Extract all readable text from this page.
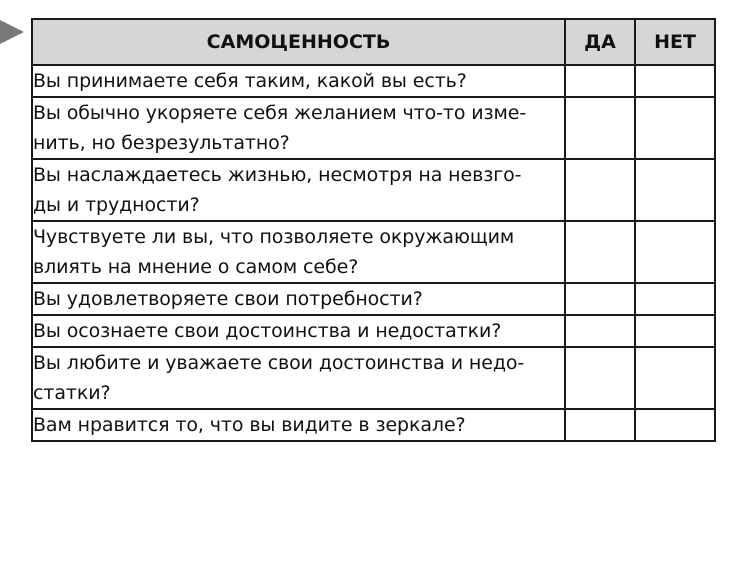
САМОЦЕННОСТЬ	ДА	НЕТ

Вы принимаете себя таким, какой вы есть?		

Вы обычно укоряете себя желанием что-то изме-
нить, но безрезультатно?		

Вы наслаждаетесь жизнью, несмотря на невзго-
ды и трудности?		

Чувствуете ли вы, что позволяете окружающим
влиять на мнение о самом себе?		

Вы удовлетворяете свои потребности?		

Вы осознаете свои достоинства и недостатки?		

Вы любите и уважаете свои достоинства и недо-
статки?		

Вам нравится то, что вы видите в зеркале?		
